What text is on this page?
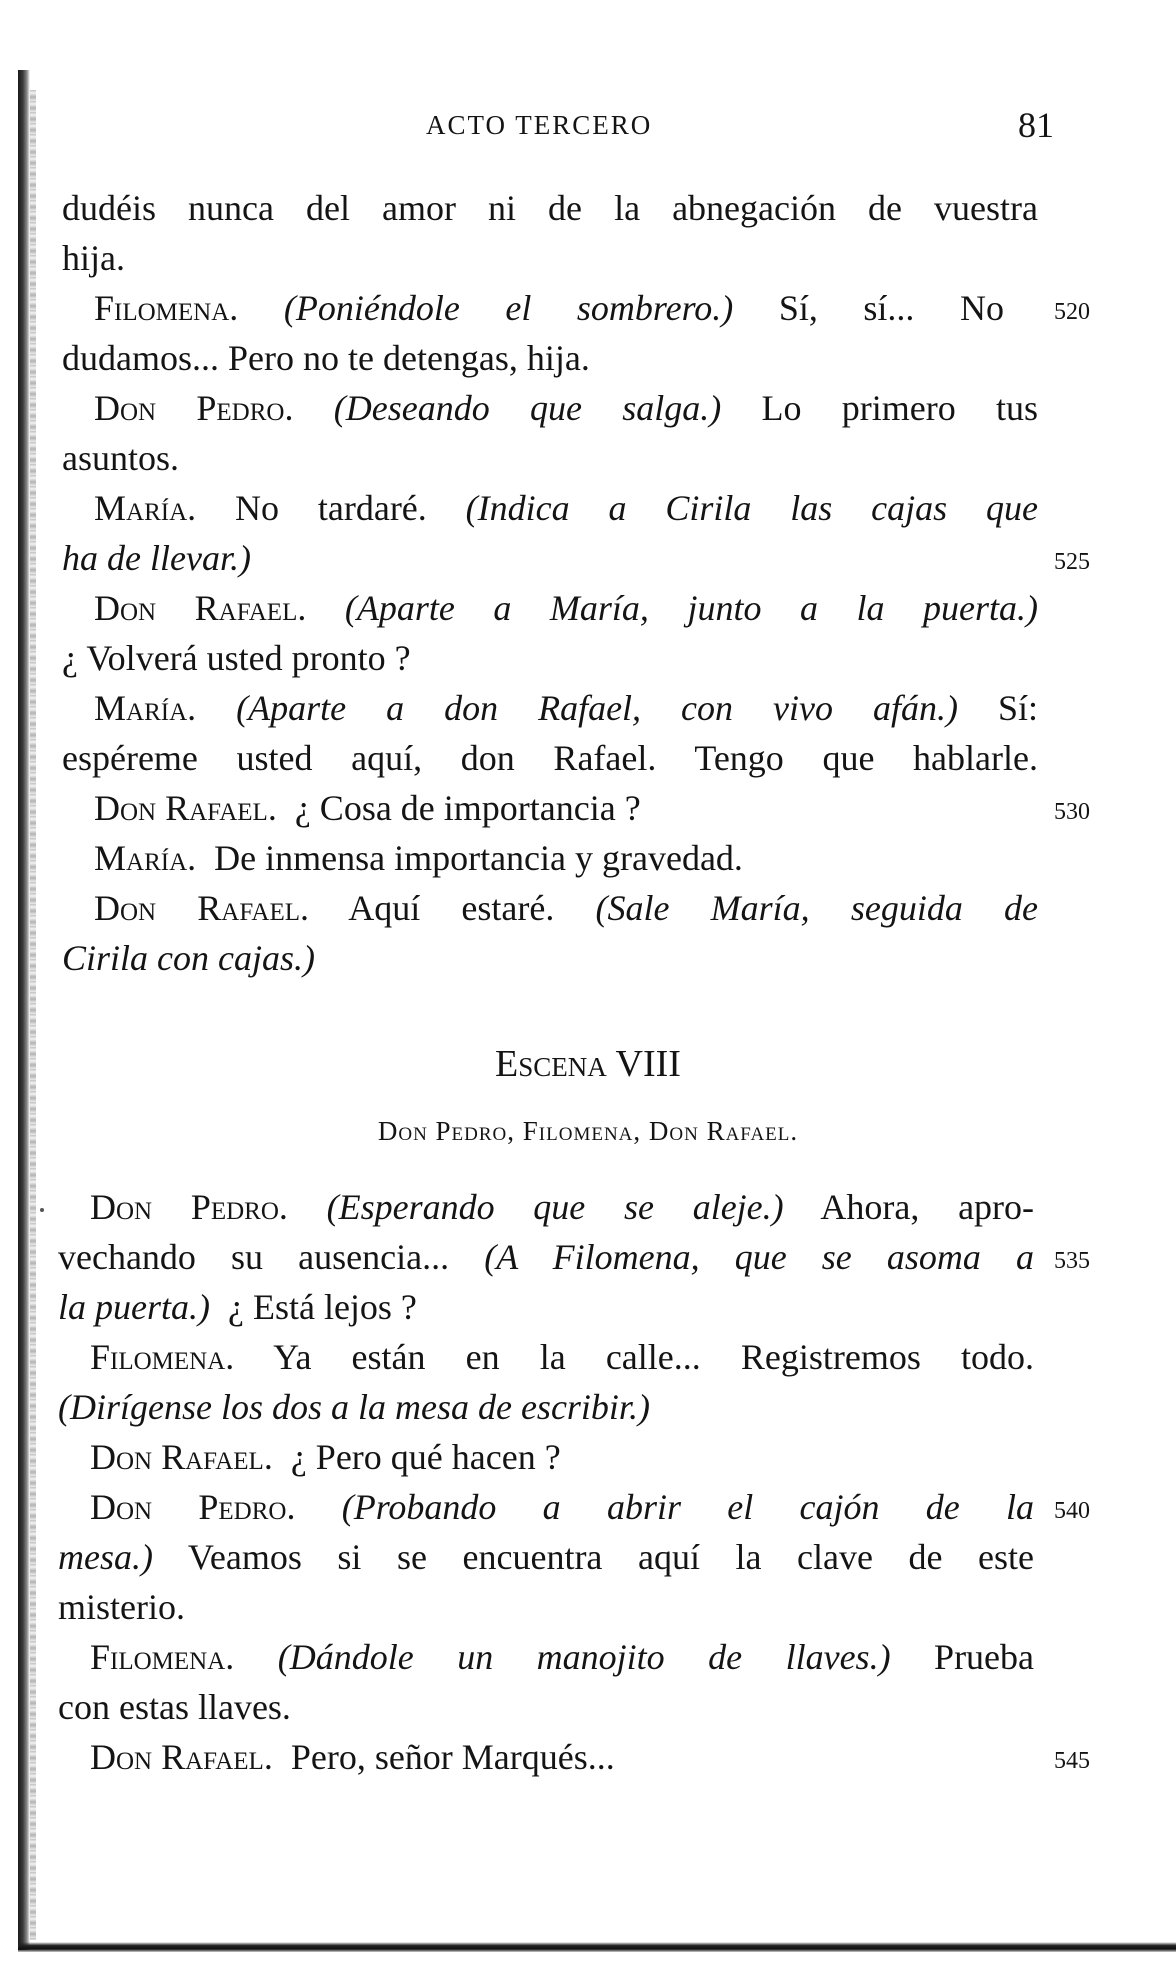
ACTO TERCERO	81
dudéis nunca del amor ni de la abnegación de vuestra
hija.
Filomena. (Poniéndole el sombrero.) Sí, sí... No 520
dudamos... Pero no te detengas, hija.
Don Pedro. (Deseando que salga.) Lo primero tus
asuntos.
María. No tardaré. (Indica a Cirila las cajas que
ha de llevar.)	525
Don Rafael. (Aparte a María, junto a la puerta.)
¿ Volverá usted pronto ?
María. (Aparte a don Rafael, con vivo afán.) Sí:
espéreme usted aquí, don Rafael. Tengo que hablarle.
Don Rafael. ¿ Cosa de importancia ?	530
María. De inmensa importancia y gravedad.
Don Rafael. Aquí estaré. (Sale María, seguida de
Cirila con cajas.)
Escena VIII
Don Pedro, Filomena, Don Rafael.
Don Pedro. (Esperando que se aleje.) Ahora, apro-
vechando su ausencia... (A Filomena, que se asoma a 535
la puerta.) ¿ Está lejos ?
Filomena. Ya están en la calle... Registremos todo.
(Dirígense los dos a la mesa de escribir.)
Don Rafael. ¿ Pero qué hacen ?
Don Pedro. (Probando a abrir el cajón de la 540
mesa.) Veamos si se encuentra aquí la clave de este
misterio.
Filomena. (Dándole un manojito de llaves.) Prueba
con estas llaves.
Don Rafael. Pero, señor Marqués...	545
